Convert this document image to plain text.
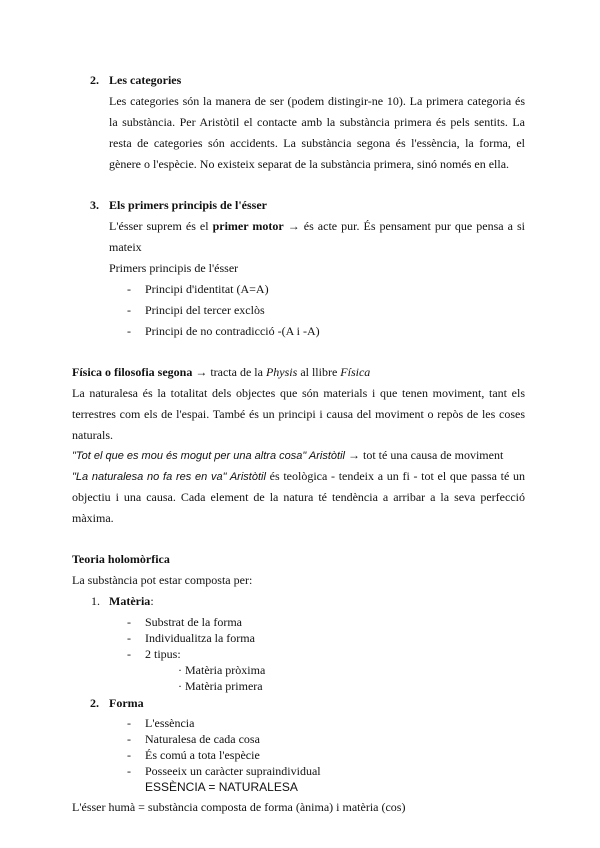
2. Les categories
Les categories són la manera de ser (podem distingir-ne 10). La primera categoria és
la substància. Per Aristòtil el contacte amb la substància primera és pels sentits. La
resta de categories són accidents. La substància segona és l'essència, la forma, el
gènere o l'espècie. No existeix separat de la substància primera, sinó només en ella.
3. Els primers principis de l'ésser
L'ésser suprem és el primer motor → és acte pur. És pensament pur que pensa a si
mateix
Primers principis de l'ésser
- Principi d'identitat (A=A)
- Principi del tercer exclòs
- Principi de no contradicció -(A i -A)
Física o filosofia segona → tracta de la Physis al llibre Física
La naturalesa és la totalitat dels objectes que són materials i que tenen moviment, tant els
terrestres com els de l'espai. També és un principi i causa del moviment o repòs de les coses
naturals.
"Tot el que es mou és mogut per una altra cosa" Aristòtil → tot té una causa de moviment
"La naturalesa no fa res en va" Aristòtil és teològica - tendeix a un fi - tot el que passa té un
objectiu i una causa. Cada element de la natura té tendència a arribar a la seva perfecció
màxima.
Teoria holomòrfica
La substància pot estar composta per:
1. Matèria:
- Substrat de la forma
- Individualitza la forma
- 2 tipus:
· Matèria pròxima
· Matèria primera
2. Forma
- L'essència
- Naturalesa de cada cosa
- És comú a tota l'espècie
- Posseeix un caràcter supraindividual
ESSÈNCIA = NATURALESA
L'ésser humà = substància composta de forma (ànima) i matèria (cos)
